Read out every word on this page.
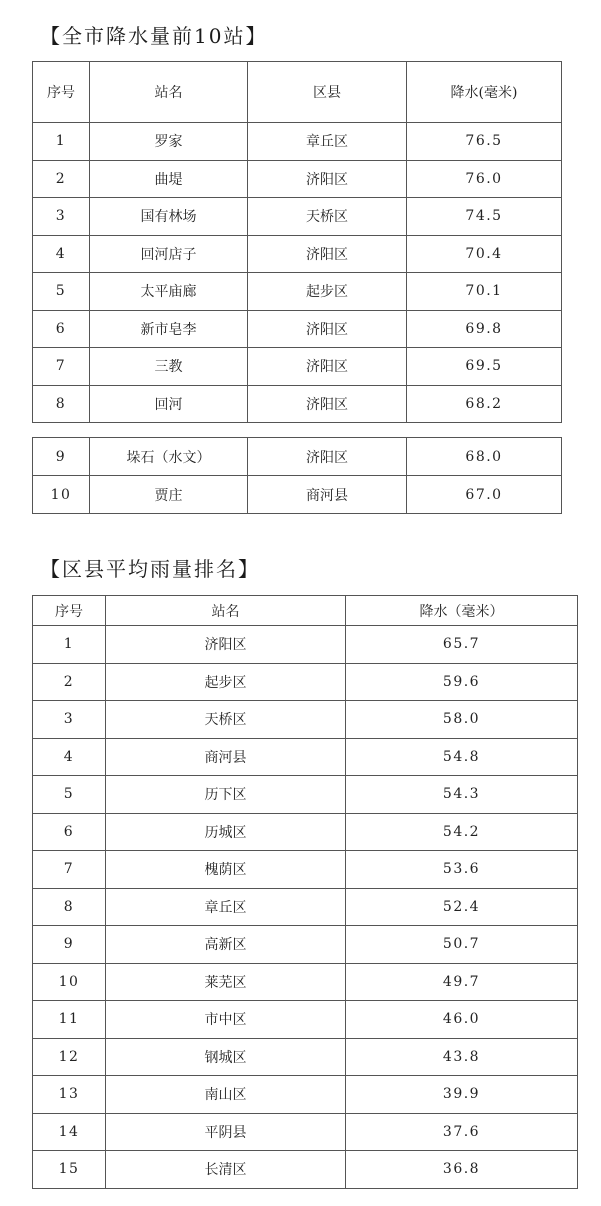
【全市降水量前10站】
序号	站名	区县	降水(毫米)
1	罗家	章丘区	76.5
2	曲堤	济阳区	76.0
3	国有林场	天桥区	74.5
4	回河店子	济阳区	70.4
5	太平庙廊	起步区	70.1
6	新市皂李	济阳区	69.8
7	三教	济阳区	69.5
8	回河	济阳区	68.2
9	垛石（水文）	济阳区	68.0
10	贾庄	商河县	67.0
【区县平均雨量排名】
序号	站名	降水（毫米）
1	济阳区	65.7
2	起步区	59.6
3	天桥区	58.0
4	商河县	54.8
5	历下区	54.3
6	历城区	54.2
7	槐荫区	53.6
8	章丘区	52.4
9	高新区	50.7
10	莱芜区	49.7
11	市中区	46.0
12	钢城区	43.8
13	南山区	39.9
14	平阴县	37.6
15	长清区	36.8
